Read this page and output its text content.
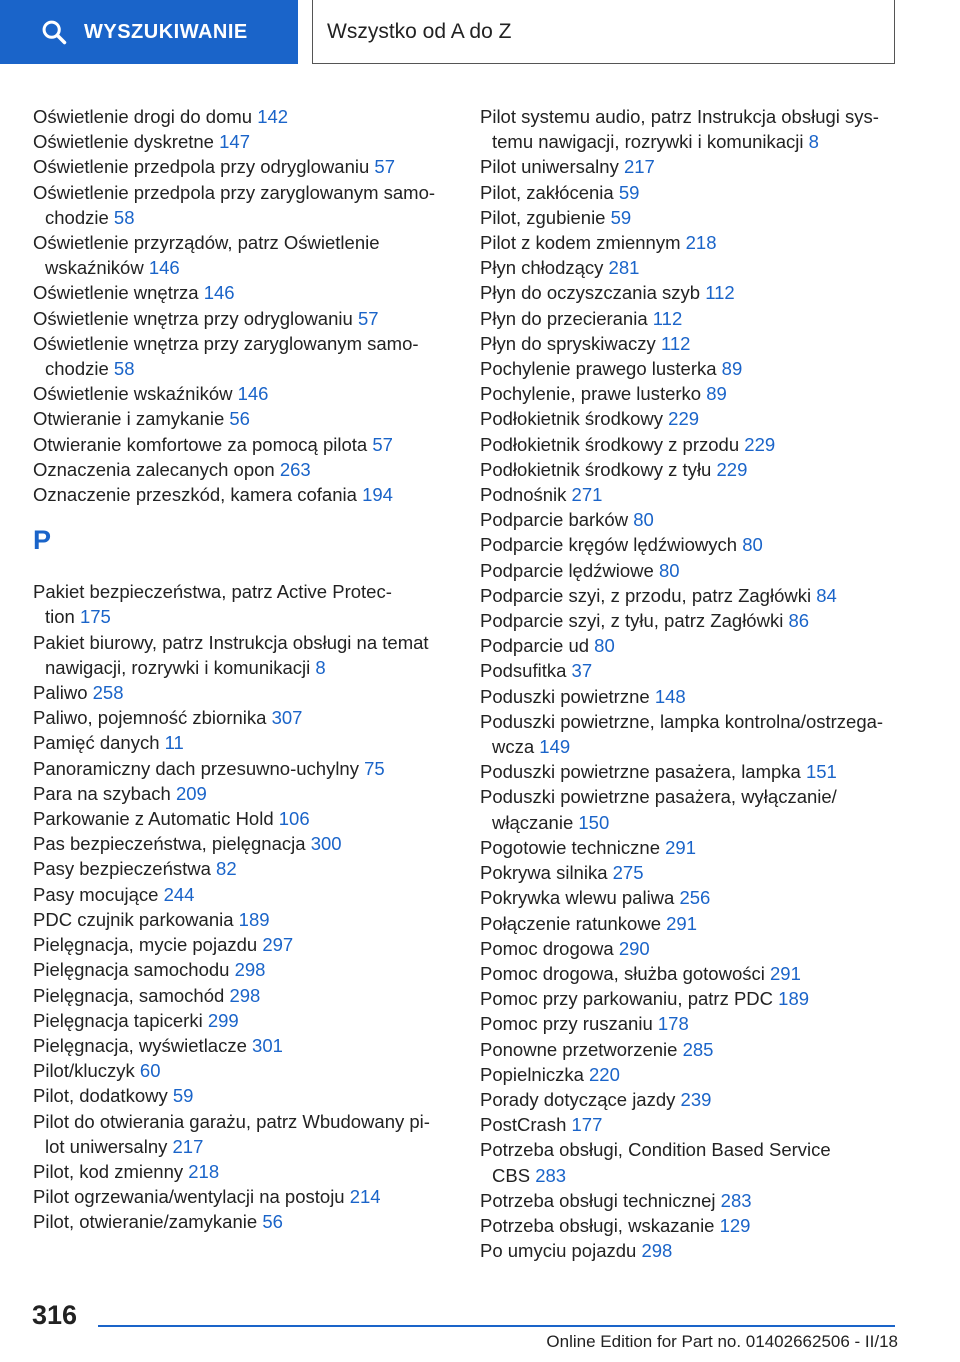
WYSZUKIWANIE	Wszystko od A do Z
Oświetlenie drogi do domu 142
Oświetlenie dyskretne 147
Oświetlenie przedpola przy odryglowaniu 57
Oświetlenie przedpola przy zaryglowanym samo-
chodzie 58
Oświetlenie przyrządów, patrz Oświetlenie
wskaźników 146
Oświetlenie wnętrza 146
Oświetlenie wnętrza przy odryglowaniu 57
Oświetlenie wnętrza przy zaryglowanym samo-
chodzie 58
Oświetlenie wskaźników 146
Otwieranie i zamykanie 56
Otwieranie komfortowe za pomocą pilota 57
Oznaczenia zalecanych opon 263
Oznaczenie przeszkód, kamera cofania 194
P
Pakiet bezpieczeństwa, patrz Active Protec-
tion 175
Pakiet biurowy, patrz Instrukcja obsługi na temat
nawigacji, rozrywki i komunikacji 8
Paliwo 258
Paliwo, pojemność zbiornika 307
Pamięć danych 11
Panoramiczny dach przesuwno-uchylny 75
Para na szybach 209
Parkowanie z Automatic Hold 106
Pas bezpieczeństwa, pielęgnacja 300
Pasy bezpieczeństwa 82
Pasy mocujące 244
PDC czujnik parkowania 189
Pielęgnacja, mycie pojazdu 297
Pielęgnacja samochodu 298
Pielęgnacja, samochód 298
Pielęgnacja tapicerki 299
Pielęgnacja, wyświetlacze 301
Pilot/kluczyk 60
Pilot, dodatkowy 59
Pilot do otwierania garażu, patrz Wbudowany pi-
lot uniwersalny 217
Pilot, kod zmienny 218
Pilot ogrzewania/wentylacji na postoju 214
Pilot, otwieranie/zamykanie 56
Pilot systemu audio, patrz Instrukcja obsługi sys-
temu nawigacji, rozrywki i komunikacji 8
Pilot uniwersalny 217
Pilot, zakłócenia 59
Pilot, zgubienie 59
Pilot z kodem zmiennym 218
Płyn chłodzący 281
Płyn do oczyszczania szyb 112
Płyn do przecierania 112
Płyn do spryskiwaczy 112
Pochylenie prawego lusterka 89
Pochylenie, prawe lusterko 89
Podłokietnik środkowy 229
Podłokietnik środkowy z przodu 229
Podłokietnik środkowy z tyłu 229
Podnośnik 271
Podparcie barków 80
Podparcie kręgów lędźwiowych 80
Podparcie lędźwiowe 80
Podparcie szyi, z przodu, patrz Zagłówki 84
Podparcie szyi, z tyłu, patrz Zagłówki 86
Podparcie ud 80
Podsufitka 37
Poduszki powietrzne 148
Poduszki powietrzne, lampka kontrolna/ostrzega-
wcza 149
Poduszki powietrzne pasażera, lampka 151
Poduszki powietrzne pasażera, wyłączanie/
włączanie 150
Pogotowie techniczne 291
Pokrywa silnika 275
Pokrywka wlewu paliwa 256
Połączenie ratunkowe 291
Pomoc drogowa 290
Pomoc drogowa, służba gotowości 291
Pomoc przy parkowaniu, patrz PDC 189
Pomoc przy ruszaniu 178
Ponowne przetworzenie 285
Popielniczka 220
Porady dotyczące jazdy 239
PostCrash 177
Potrzeba obsługi, Condition Based Service
CBS 283
Potrzeba obsługi technicznej 283
Potrzeba obsługi, wskazanie 129
Po umyciu pojazdu 298
316
Online Edition for Part no. 01402662506 - II/18
